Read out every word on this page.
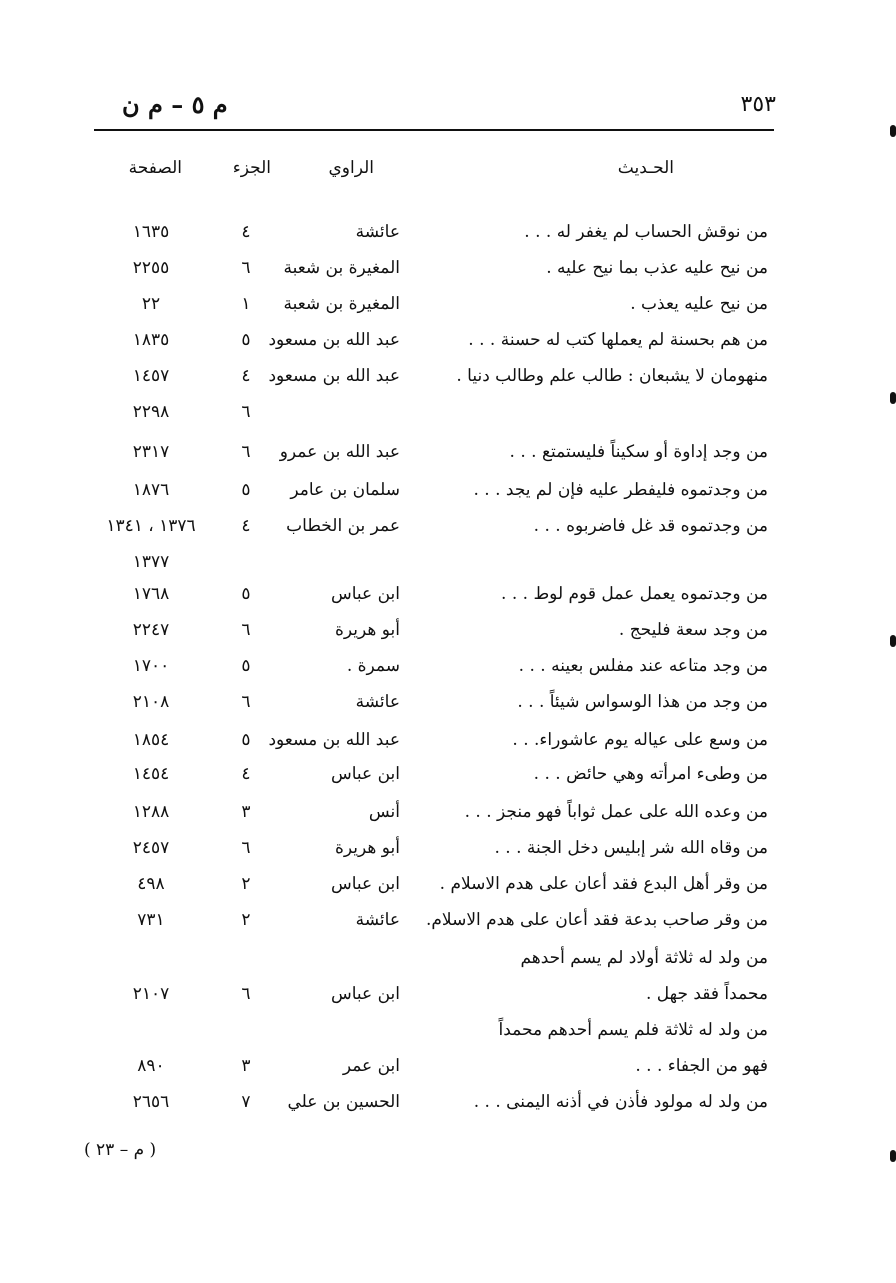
٣٥٣
م ٥ – م ن
الحـديث
الراوي
الجزء
الصفحة
من نوقش الحساب لم يغفر له . . .
عائشة
٤
١٦٣٥
من نيح عليه عذب بما نيح عليه .
المغيرة بن شعبة
٦
٢٢٥٥
من نيح عليه يعذب .
المغيرة بن شعبة
١
٢٢
من هم بحسنة لم يعملها كتب له حسنة . . .
عبد الله بن مسعود
٥
١٨٣٥
منهومان لا يشبعان : طالب علم وطالب دنيا .
عبد الله بن مسعود
٤
١٤٥٧
٦
٢٢٩٨
من وجد إداوة أو سكيناً فليستمتع . . .
عبد الله بن عمرو
٦
٢٣١٧
من وجدتموه فليفطر عليه فإن لم يجد . . .
سلمان بن عامر
٥
١٨٧٦
من وجدتموه قد غل فاضربوه . . .
عمر بن الخطاب
٤
١٣٧٦ ، ١٣٤١
١٣٧٧
من وجدتموه يعمل عمل قوم لوط . . .
ابن عباس
٥
١٧٦٨
من وجد سعة فليحج .
أبو هريرة
٦
٢٢٤٧
من وجد متاعه عند مفلس بعينه . . .
سمرة .
٥
١٧٠٠
من وجد من هذا الوسواس شيئاً . . .
عائشة
٦
٢١٠٨
من وسع على عياله يوم عاشوراء. . .
عبد الله بن مسعود
٥
١٨٥٤
من وطىء امرأته وهي حائض . . .
ابن عباس
٤
١٤٥٤
من وعده الله على عمل ثواباً فهو منجز . . .
أنس
٣
١٢٨٨
من وقاه الله شر إبليس دخل الجنة . . .
أبو هريرة
٦
٢٤٥٧
من وقر أهل البدع فقد أعان على هدم الاسلام .
ابن عباس
٢
٤٩٨
من وقر صاحب بدعة فقد أعان على هدم الاسلام.
عائشة
٢
٧٣١
من ولد له ثلاثة أولاد لم يسم أحدهم
محمداً فقد جهل .
ابن عباس
٦
٢١٠٧
من ولد له ثلاثة فلم يسم أحدهم محمداً
فهو من الجفاء . . .
ابن عمر
٣
٨٩٠
من ولد له مولود فأذن في أذنه اليمنى . . .
الحسين بن علي
٧
٢٦٥٦
( م – ٢٣ )
